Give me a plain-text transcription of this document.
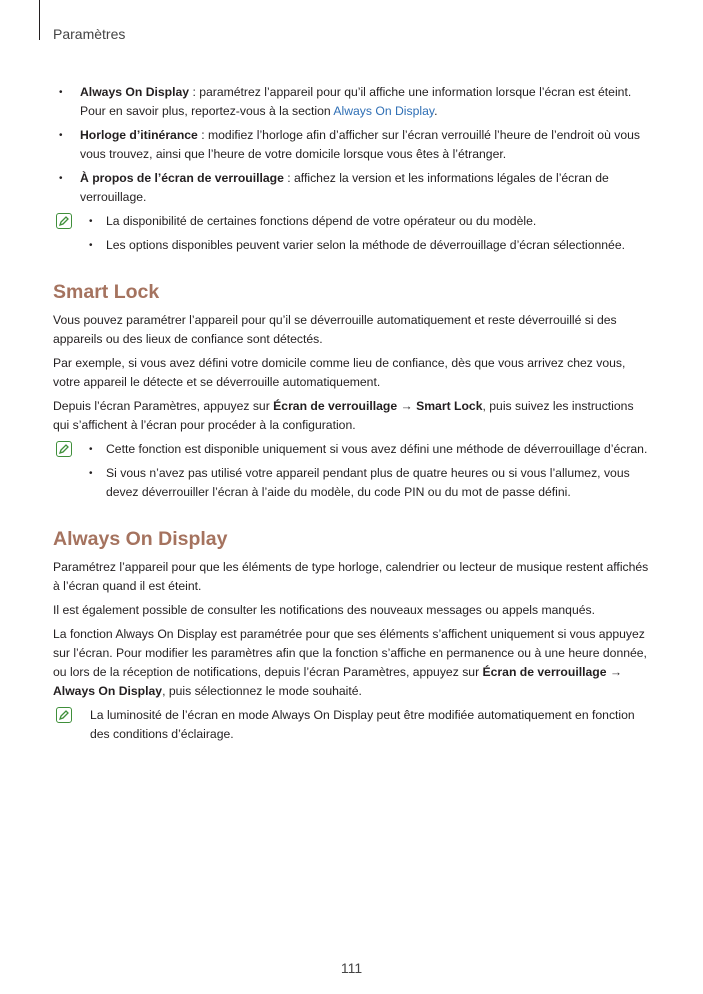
Paramètres
• Always On Display : paramétrez l’appareil pour qu’il affiche une information lorsque l’écran est éteint. Pour en savoir plus, reportez-vous à la section Always On Display.
• Horloge d’itinérance : modifiez l’horloge afin d’afficher sur l’écran verrouillé l’heure de l’endroit où vous vous trouvez, ainsi que l’heure de votre domicile lorsque vous êtes à l’étranger.
• À propos de l’écran de verrouillage : affichez la version et les informations légales de l’écran de verrouillage.
• La disponibilité de certaines fonctions dépend de votre opérateur ou du modèle.
• Les options disponibles peuvent varier selon la méthode de déverrouillage d’écran sélectionnée.
Smart Lock

Vous pouvez paramétrer l’appareil pour qu’il se déverrouille automatiquement et reste déverrouillé si des appareils ou des lieux de confiance sont détectés.

Par exemple, si vous avez défini votre domicile comme lieu de confiance, dès que vous arrivez chez vous, votre appareil le détecte et se déverrouille automatiquement.

Depuis l’écran Paramètres, appuyez sur Écran de verrouillage → Smart Lock, puis suivez les instructions qui s’affichent à l’écran pour procéder à la configuration.

• Cette fonction est disponible uniquement si vous avez défini une méthode de déverrouillage d’écran.
• Si vous n’avez pas utilisé votre appareil pendant plus de quatre heures ou si vous l’allumez, vous devez déverrouiller l’écran à l’aide du modèle, du code PIN ou du mot de passe défini.
Always On Display

Paramétrez l’appareil pour que les éléments de type horloge, calendrier ou lecteur de musique restent affichés à l’écran quand il est éteint.

Il est également possible de consulter les notifications des nouveaux messages ou appels manqués.

La fonction Always On Display est paramétrée pour que ses éléments s’affichent uniquement si vous appuyez sur l’écran. Pour modifier les paramètres afin que la fonction s’affiche en permanence ou à une heure donnée, ou lors de la réception de notifications, depuis l’écran Paramètres, appuyez sur Écran de verrouillage → Always On Display, puis sélectionnez le mode souhaité.

La luminosité de l’écran en mode Always On Display peut être modifiée automatiquement en fonction des conditions d’éclairage.

111
